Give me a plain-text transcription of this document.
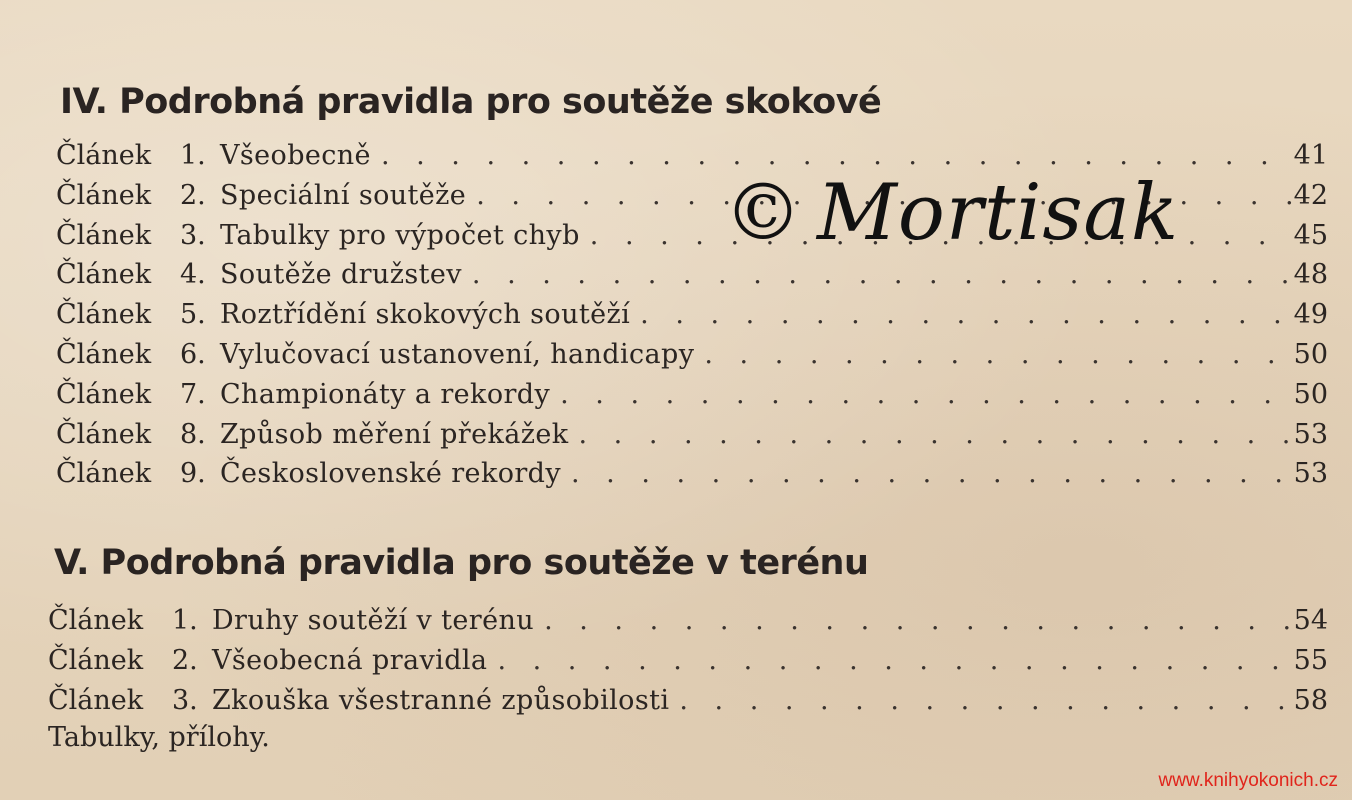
IV. Podrobná pravidla pro soutěže skokové
Článek	1. Všeobecně . . .	41
Článek	2. Speciální soutěže . . .	42
Článek	3. Tabulky pro výpočet chyb . . .	45
Článek	4. Soutěže družstev . . .	48
Článek	5. Roztřídění skokových soutěží . . .	49
Článek	6. Vylučovací ustanovení, handicapy . . .	50
Článek	7. Championáty a rekordy . . .	50
Článek	8. Způsob měření překážek . . .	53
Článek	9. Československé rekordy . . .	53
V. Podrobná pravidla pro soutěže v terénu
Článek	1. Druhy soutěží v terénu . . .	54
Článek	2. Všeobecná pravidla . . .	55
Článek	3. Zkouška všestranné způsobilosti . . .	58
Tabulky, přílohy.
© Mortisak
www.knihyokonich.cz
